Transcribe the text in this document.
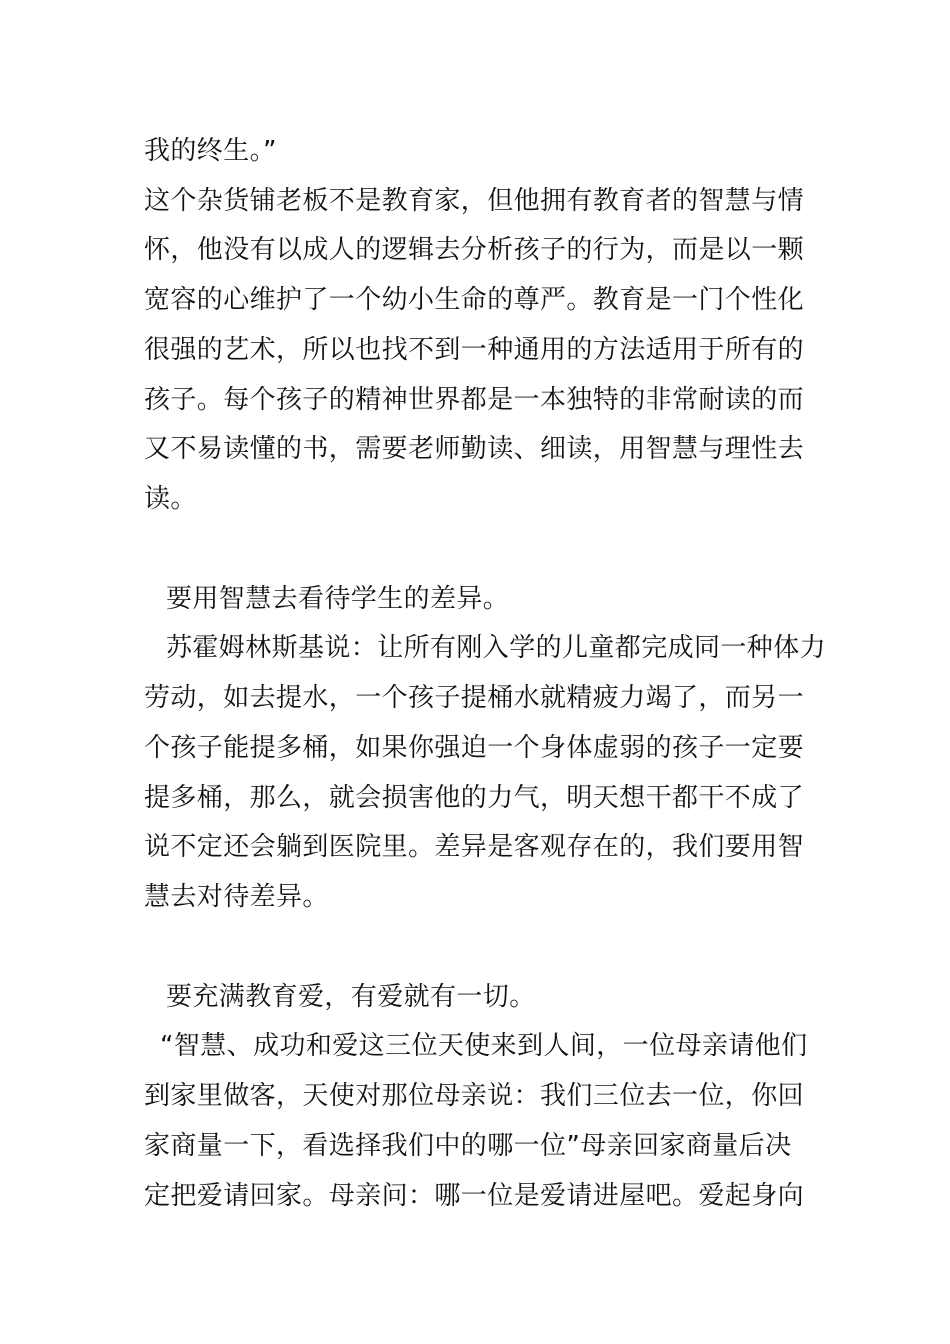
我的终生。”
这个杂货铺老板不是教育家，但他拥有教育者的智慧与情
怀，他没有以成人的逻辑去分析孩子的行为，而是以一颗
宽容的心维护了一个幼小生命的尊严。教育是一门个性化
很强的艺术，所以也找不到一种通用的方法适用于所有的
孩子。每个孩子的精神世界都是一本独特的非常耐读的而
又不易读懂的书，需要老师勤读、细读，用智慧与理性去
读。
要用智慧去看待学生的差异。
苏霍姆林斯基说：让所有刚入学的儿童都完成同一种体力
劳动，如去提水，一个孩子提桶水就精疲力竭了，而另一
个孩子能提多桶，如果你强迫一个身体虚弱的孩子一定要
提多桶，那么，就会损害他的力气，明天想干都干不成了
说不定还会躺到医院里。差异是客观存在的，我们要用智
慧去对待差异。
要充满教育爱，有爱就有一切。
“智慧、成功和爱这三位天使来到人间，一位母亲请他们
到家里做客，天使对那位母亲说：我们三位去一位，你回
家商量一下，看选择我们中的哪一位”母亲回家商量后决
定把爱请回家。母亲问：哪一位是爱请进屋吧。爱起身向
